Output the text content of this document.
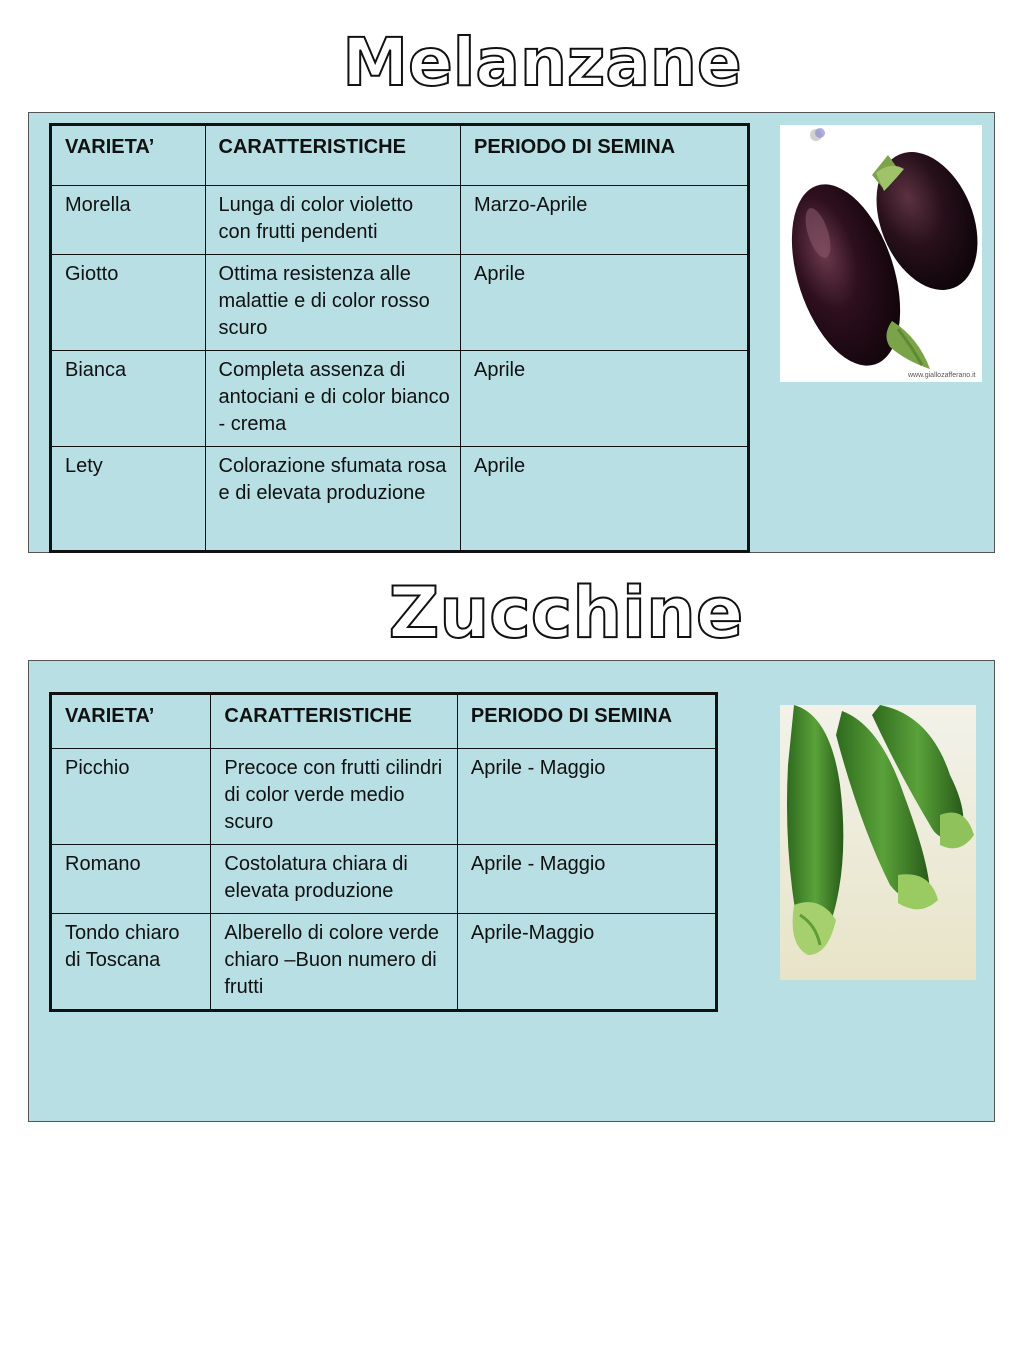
Melanzane
VARIETA’	CARATTERISTICHE	PERIODO DI SEMINA
Morella	Lunga di color violetto con frutti pendenti	Marzo-Aprile
Giotto	Ottima resistenza alle malattie e di color rosso scuro	Aprile
Bianca	Completa assenza di antociani e di color bianco - crema	Aprile
Lety	Colorazione sfumata rosa e di elevata produzione	Aprile
www.giallozafferano.it
Zucchine
VARIETA’	CARATTERISTICHE	PERIODO DI SEMINA
Picchio	Precoce con frutti cilindri di color verde medio scuro	Aprile - Maggio
Romano	Costolatura chiara di elevata produzione	Aprile - Maggio
Tondo chiaro di Toscana	Alberello di colore verde chiaro –Buon numero di frutti	Aprile-Maggio
